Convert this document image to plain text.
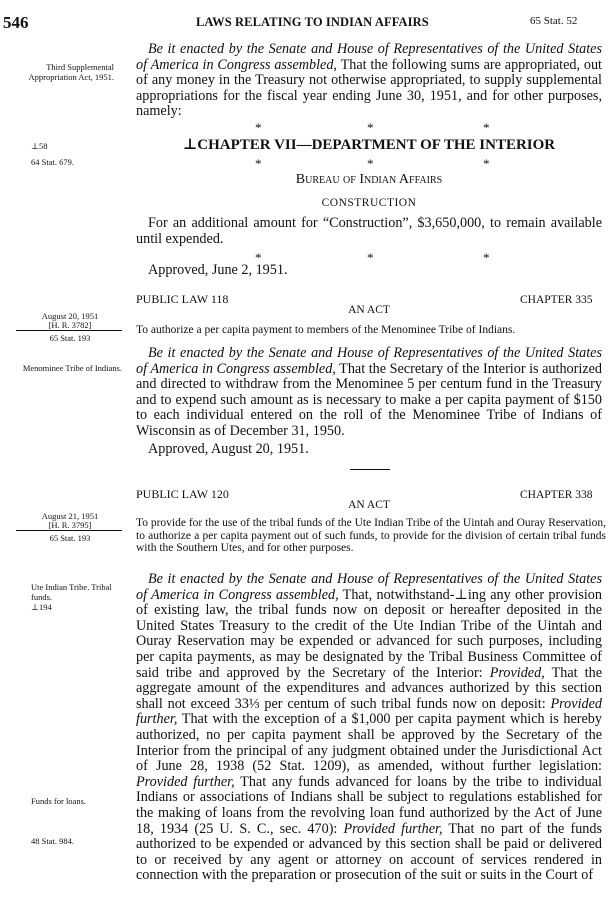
546	LAWS RELATING TO INDIAN AFFAIRS	65 Stat. 52
Third Supplemental Appropriation Act, 1951.
⊥58
64 Stat. 679.
August 20, 1951
[H. R. 3782]
65 Stat. 193
Menominee Tribe of Indians.
August 21, 1951
[H. R. 3795]
65 Stat. 193
Ute Indian Tribe. Tribal funds.
⊥194
Funds for loans.
48 Stat. 984.
Be it enacted by the Senate and House of Representatives of the United States of America in Congress assembled, That the following sums are appropriated, out of any money in the Treasury not otherwise appropriated, to supply supplemental appropriations for the fiscal year ending June 30, 1951, and for other purposes, namely:
*	*	*
⊥CHAPTER VII—DEPARTMENT OF THE INTERIOR
*	*	*
Bureau of Indian Affairs
CONSTRUCTION
For an additional amount for “Construction”, $3,650,000, to remain available until expended.
*	*	*
Approved, June 2, 1951.
PUBLIC LAW 118	CHAPTER 335
AN ACT
To authorize a per capita payment to members of the Menominee Tribe of Indians.
Be it enacted by the Senate and House of Representatives of the United States of America in Congress assembled, That the Secretary of the Interior is authorized and directed to withdraw from the Menominee 5 per centum fund in the Treasury and to expend such amount as is necessary to make a per capita payment of $150 to each individual entered on the roll of the Menominee Tribe of Indians of Wisconsin as of December 31, 1950.
Approved, August 20, 1951.
PUBLIC LAW 120	CHAPTER 338
AN ACT
To provide for the use of the tribal funds of the Ute Indian Tribe of the Uintah and Ouray Reservation, to authorize a per capita payment out of such funds, to provide for the division of certain tribal funds with the Southern Utes, and for other purposes.
Be it enacted by the Senate and House of Representatives of the United States of America in Congress assembled, That, notwithstand-⊥ing any other provision of existing law, the tribal funds now on deposit or hereafter deposited in the United States Treasury to the credit of the Ute Indian Tribe of the Uintah and Ouray Reservation may be expended or advanced for such purposes, including per capita payments, as may be designated by the Tribal Business Committee of said tribe and approved by the Secretary of the Interior: Provided, That the aggregate amount of the expenditures and advances authorized by this section shall not exceed 33⅓ per centum of such tribal funds now on deposit: Provided further, That with the exception of a $1,000 per capita payment which is hereby authorized, no per capita payment shall be approved by the Secretary of the Interior from the principal of any judgment obtained under the Jurisdictional Act of June 28, 1938 (52 Stat. 1209), as amended, without further legislation: Provided further, That any funds advanced for loans by the tribe to individual Indians or associations of Indians shall be subject to regulations established for the making of loans from the revolving loan fund authorized by the Act of June 18, 1934 (25 U. S. C., sec. 470): Provided further, That no part of the funds authorized to be expended or advanced by this section shall be paid or delivered to or received by any agent or attorney on account of services rendered in connection with the preparation or prosecution of the suit or suits in the Court of
